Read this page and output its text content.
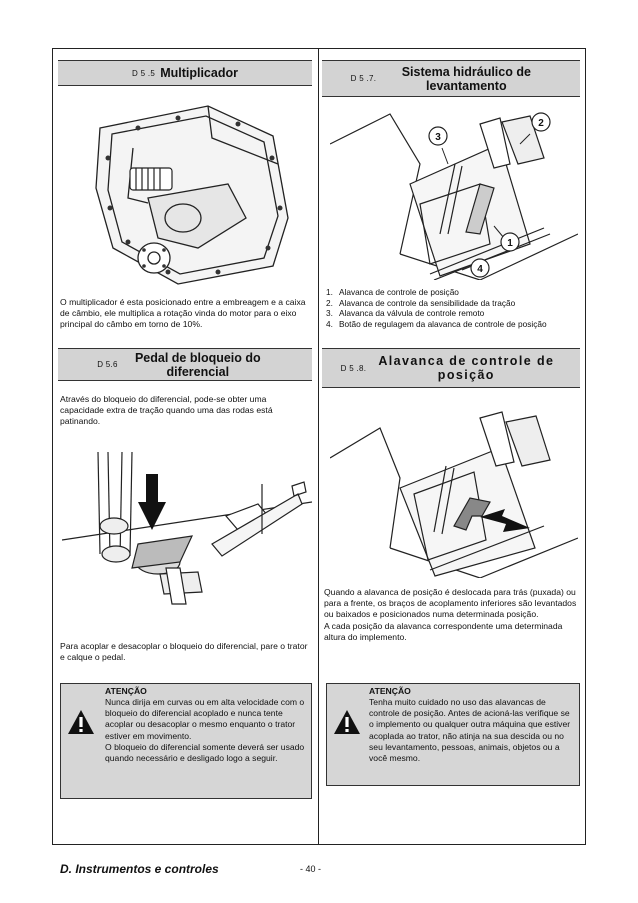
D 5 .5 Multiplicador

O multiplicador é esta posicionado entre a embreagem e a caixa de câmbio, ele multiplica a rotação vinda do motor para o eixo principal do câmbo em torno de 10%.

D 5.6	Pedal de bloqueio do diferencial

Através do bloqueio do diferencial, pode-se obter uma capacidade extra de tração quando uma das rodas está patinando.

Para acoplar e desacoplar o bloqueio do diferencial, pare o trator e calque o pedal.

ATENÇÃO
Nunca dirija em curvas ou em alta velocidade com o bloqueio do diferencial acoplado e nunca tente acoplar ou desacoplar o mesmo enquanto o trator estiver em movimento.
O bloqueio do diferencial somente deverá ser usado quando necessário e desligado logo a seguir.
D 5 .7.	Sistema hidráulico de levantamento
3
2
1
4
1. Alavanca de controle de posição
2. Alavanca de controle da sensibilidade da tração
3. Alavanca da válvula de controle remoto
4. Botão de regulagem da alavanca de controle de posição
D 5 .8. Alavanca de controle de posição

Quando a alavanca de posição é deslocada para trás (puxada) ou para a frente, os braços de acoplamento inferiores são levantados ou baixados e posicionados numa determinada posição.

A cada posição da alavanca correspondente uma determinada altura do implemento.

ATENÇÃO
Tenha muito cuidado no uso das alavancas de controle de posição. Antes de acioná-las verifique se o implemento ou qualquer outra máquina que estiver acoplada ao trator, não atinja na sua descida ou no seu levantamento, pessoas, animais, objetos ou a você mesmo.
D. Instrumentos e controles	- 40 -
